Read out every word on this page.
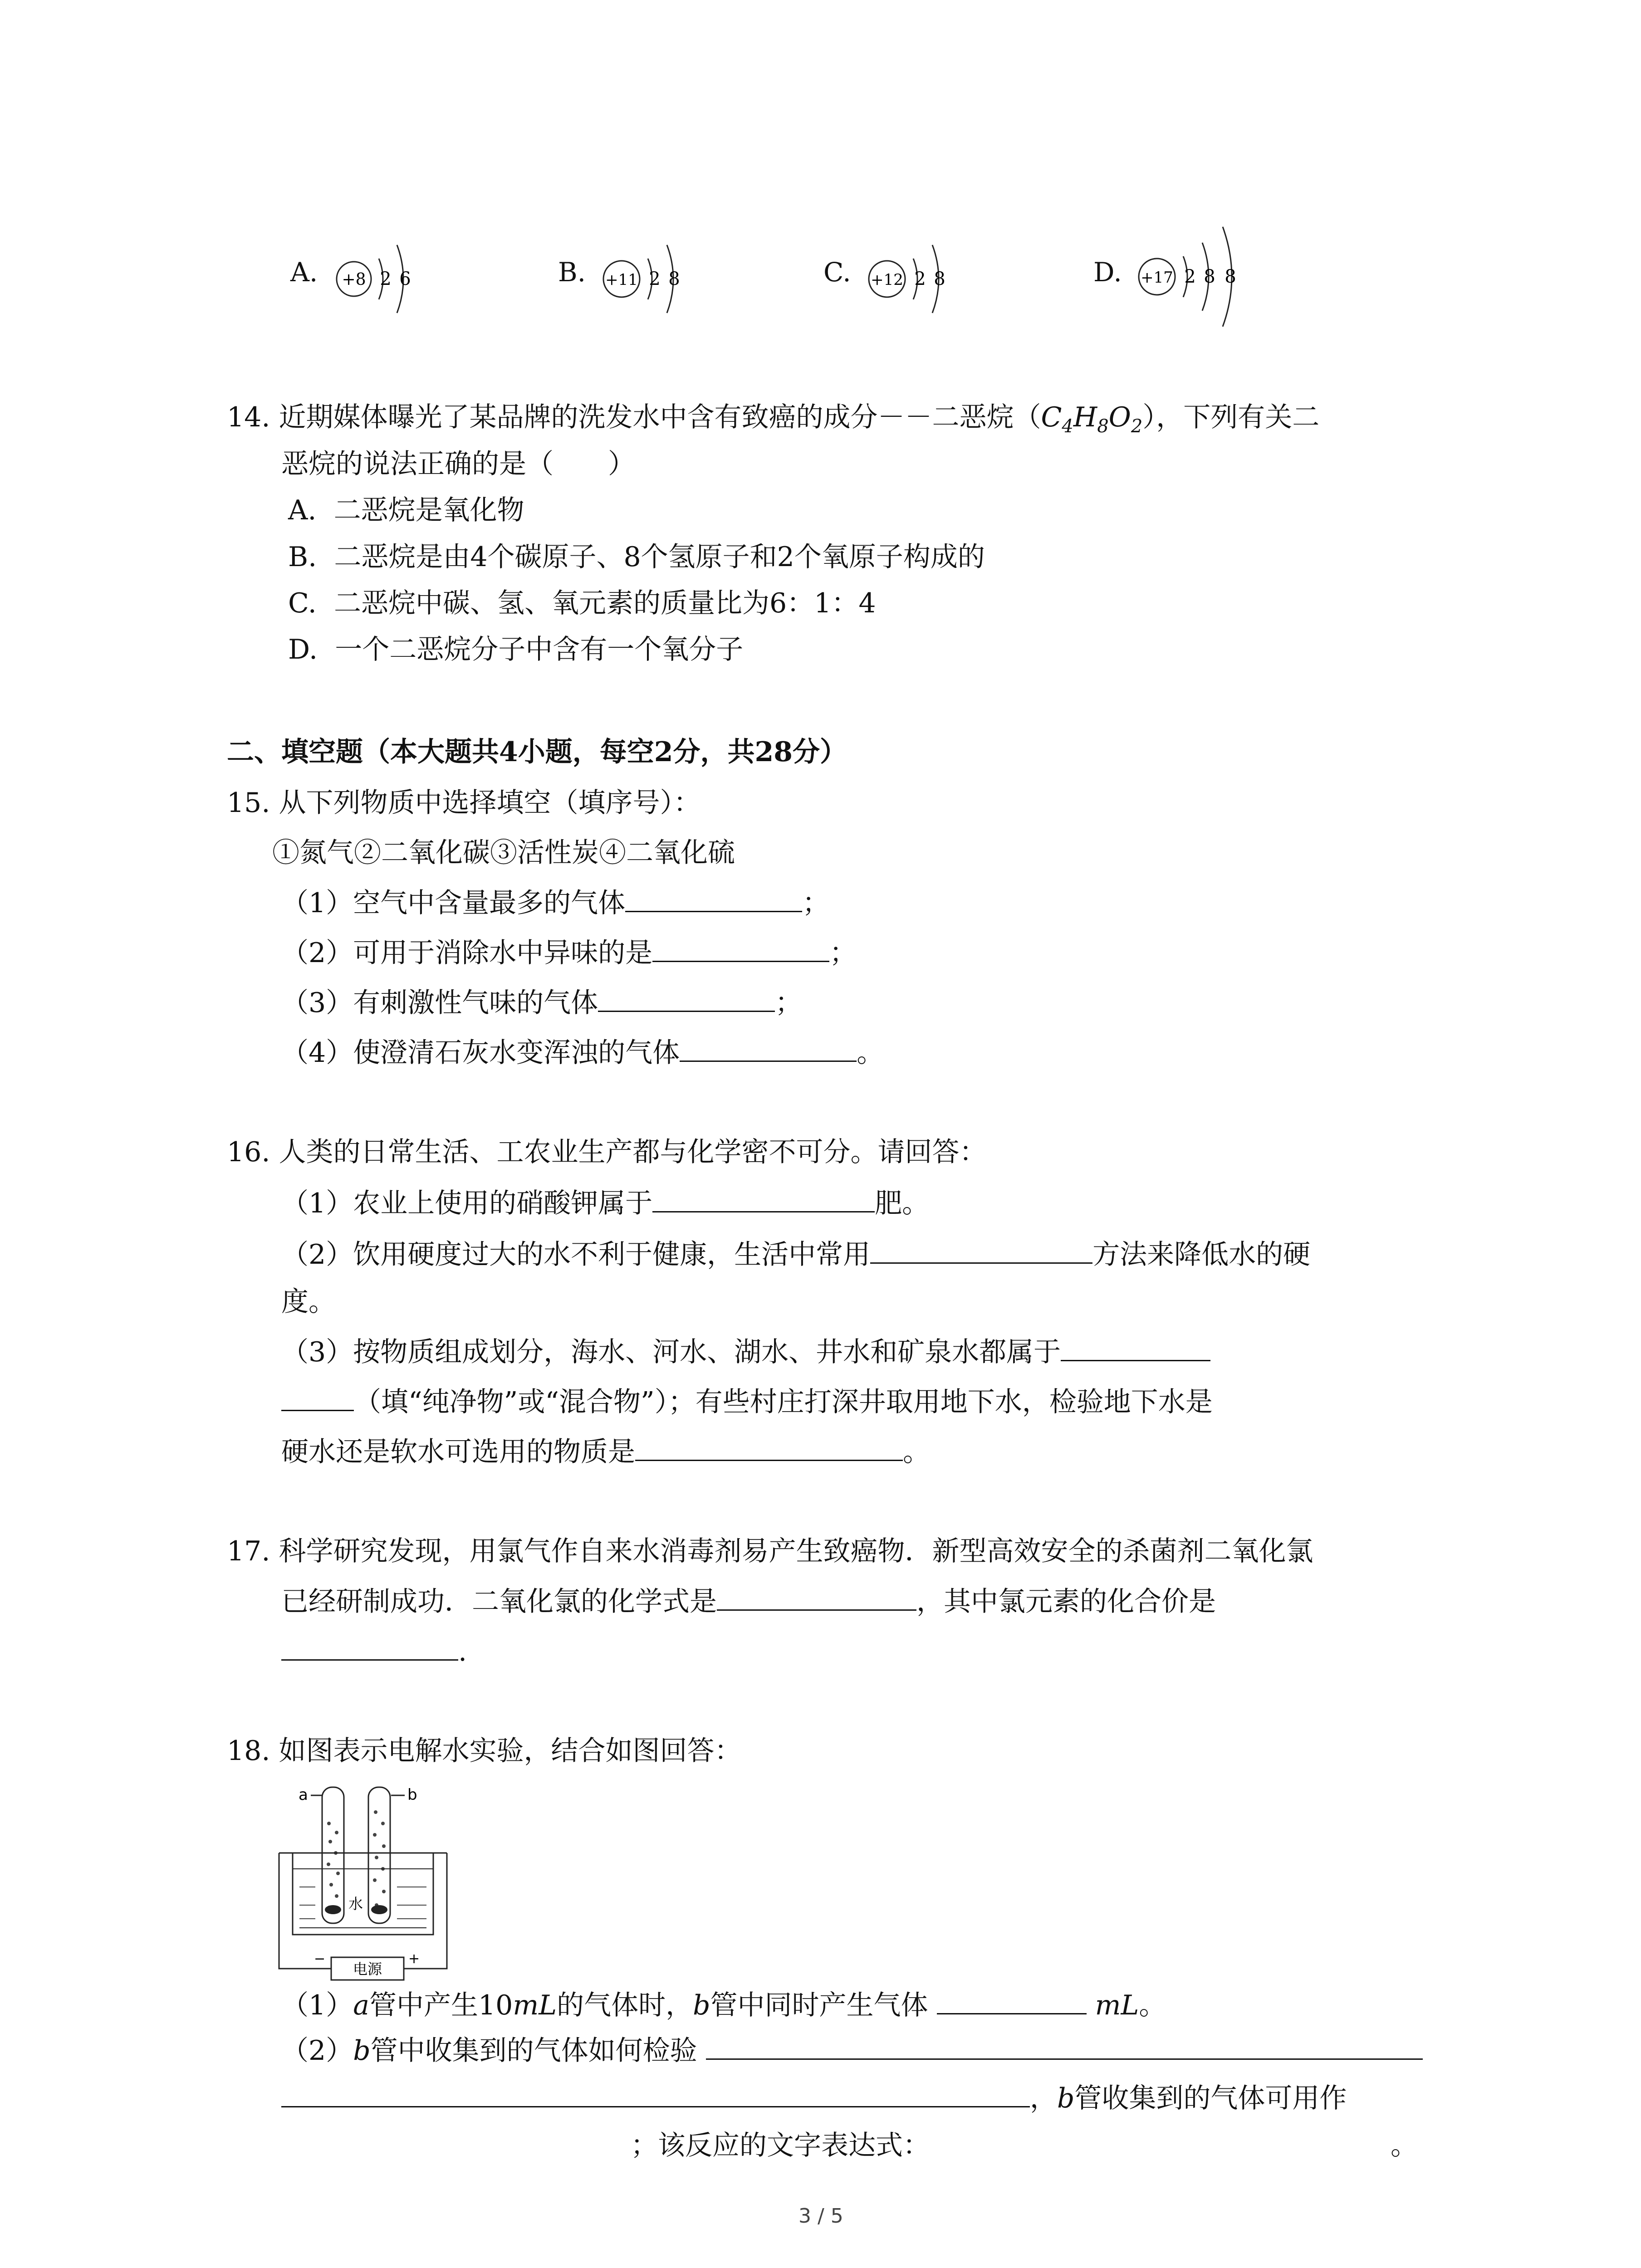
A. +8 2 6	B. +11 2 8	C. +12 2 8	D. +17 2 8 8
14. 近期媒体曝光了某品牌的洗发水中含有致癌的成分－－二恶烷$(C_4H_8O_2)$，下列有关二
恶烷的说法正确的是（　　）
A. 二恶烷是氧化物
B. 二恶烷是由4个碳原子、8个氢原子和2个氧原子构成的
C. 二恶烷中碳、氢、氧元素的质量比为6：1：4
D. 一个二恶烷分子中含有一个氧分子
二、填空题（本大题共4小题，每空2分，共28分）
15. 从下列物质中选择填空（填序号）：
①氮气②二氧化碳③活性炭④二氧化硫
（1）空气中含量最多的气体	；
（2）可用于消除水中异味的是	；
（3）有刺激性气味的气体	；
（4）使澄清石灰水变浑浊的气体	。
16. 人类的日常生活、工农业生产都与化学密不可分。请回答：
（1）农业上使用的硝酸钾属于	肥。
（2）饮用硬度过大的水不利于健康，生活中常用	方法来降低水的硬
度。
（3）按物质组成划分，海水、河水、湖水、井水和矿泉水都属于
（填“纯净物”或“混合物”）；有些村庄打深井取用地下水，检验地下水是
硬水还是软水可选用的物质是	。
17. 科学研究发现，用氯气作自来水消毒剂易产生致癌物．新型高效安全的杀菌剂二氧化氯
已经研制成功．二氧化氯的化学式是	，其中氯元素的化合价是
.
18. 如图表示电解水实验，结合如图回答：
a	b
水
电源
−	+
（1）a管中产生10mL的气体时，b管中同时产生气体	mL。
（2）b管中收集到的气体如何检验
，b管收集到的气体可用作
；该反应的文字表达式：	。
3 / 5
